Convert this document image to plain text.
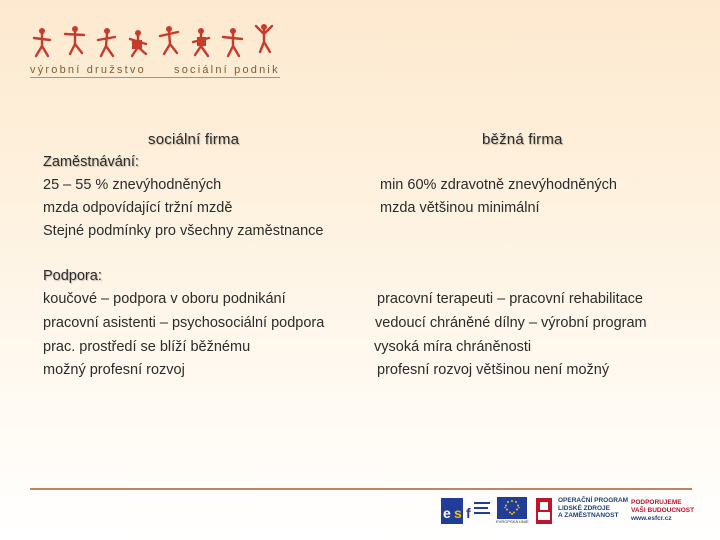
výrobní družstvo	sociální podnik
sociální firma	běžná firma
Zaměstnávání:
25 – 55 % znevýhodněných
mzda odpovídající tržní mzdě
Stejné podmínky pro všechny zaměstnance
min 60% zdravotně znevýhodněných
mzda většinou minimální
Podpora:
koučové – podpora v oboru podnikání
pracovní asistenti – psychosociální podpora
prac. prostředí se blíží běžnému
možný profesní rozvoj
pracovní terapeuti – pracovní rehabilitace
vedoucí chráněné dílny – výrobní program
vysoká míra chráněnosti
profesní rozvoj většinou není možný
e s f
EVROPSKÁ UNIE
OPERAČNÍ PROGRAM
LIDSKÉ ZDROJE
A ZAMĚSTNANOST
PODPORUJEME
VAŠI BUDOUCNOST
www.esfcr.cz
